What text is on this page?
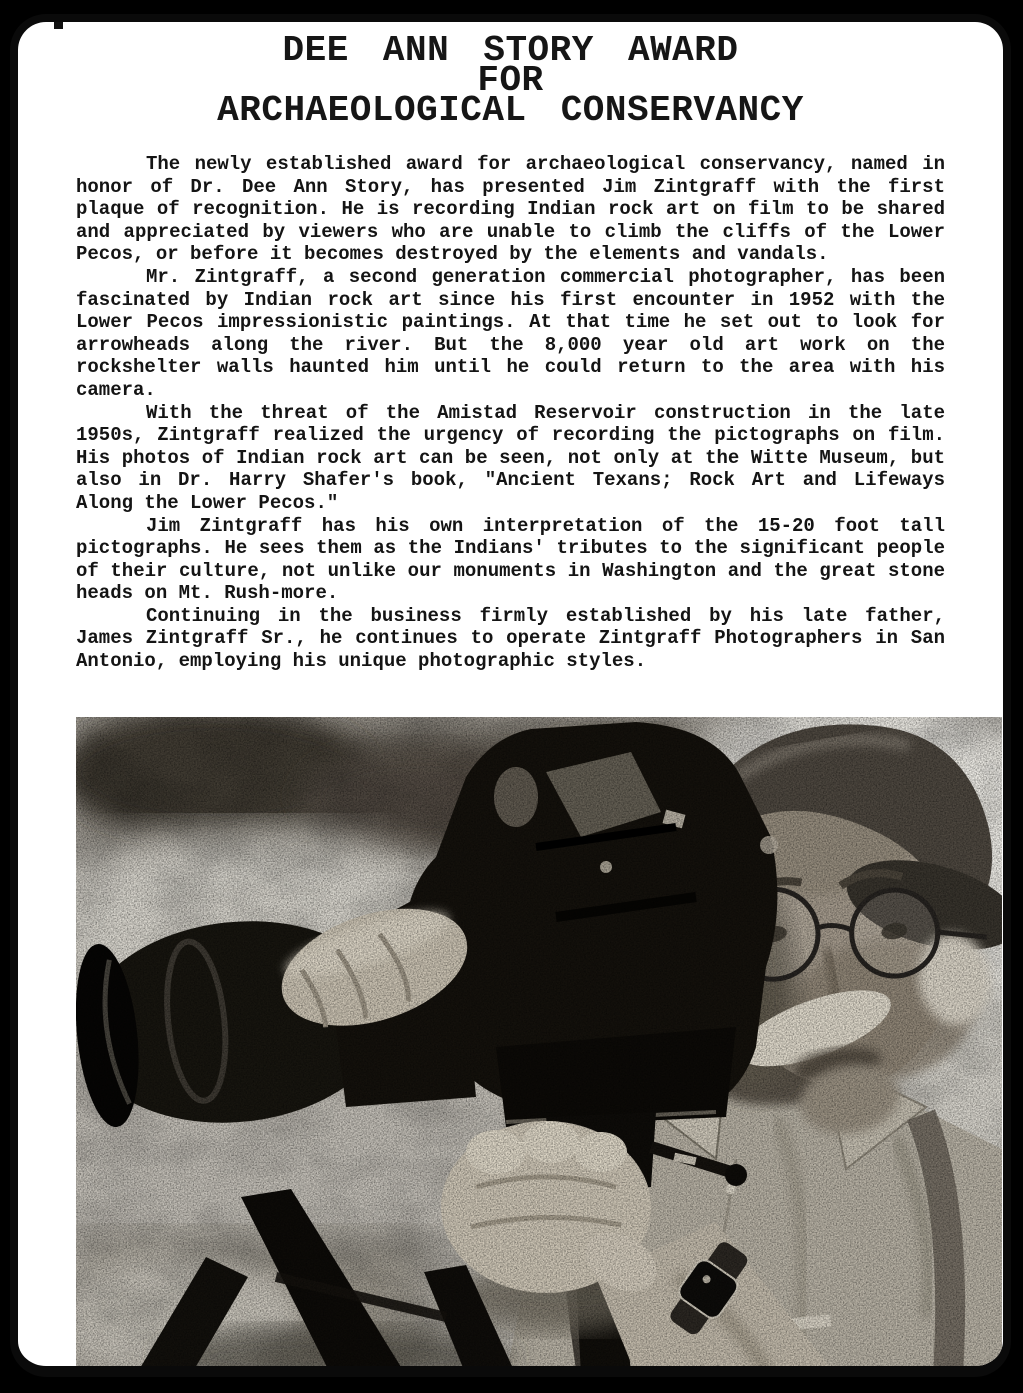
DEE ANN STORY AWARD
FOR
ARCHAEOLOGICAL CONSERVANCY

The newly established award for archaeological conservancy, named in honor of Dr. Dee Ann Story, has presented Jim Zintgraff with the first plaque of recognition. He is recording Indian rock art on film to be shared and appreciated by viewers who are unable to climb the cliffs of the Lower Pecos, or before it becomes destroyed by the elements and vandals.

Mr. Zintgraff, a second generation commercial photographer, has been fascinated by Indian rock art since his first encounter in 1952 with the Lower Pecos impressionistic paintings. At that time he set out to look for arrowheads along the river. But the 8,000 year old art work on the rockshelter walls haunted him until he could return to the area with his camera.

With the threat of the Amistad Reservoir construction in the late 1950s, Zintgraff realized the urgency of recording the pictographs on film. His photos of Indian rock art can be seen, not only at the Witte Museum, but also in Dr. Harry Shafer's book, "Ancient Texans; Rock Art and Lifeways Along the Lower Pecos."

Jim Zintgraff has his own interpretation of the 15-20 foot tall pictographs. He sees them as the Indians' tributes to the significant people of their culture, not unlike our monuments in Washington and the great stone heads on Mt. Rush-more.

Continuing in the business firmly established by his late father, James Zintgraff Sr., he continues to operate Zintgraff Photographers in San Antonio, employing his unique photographic styles.
